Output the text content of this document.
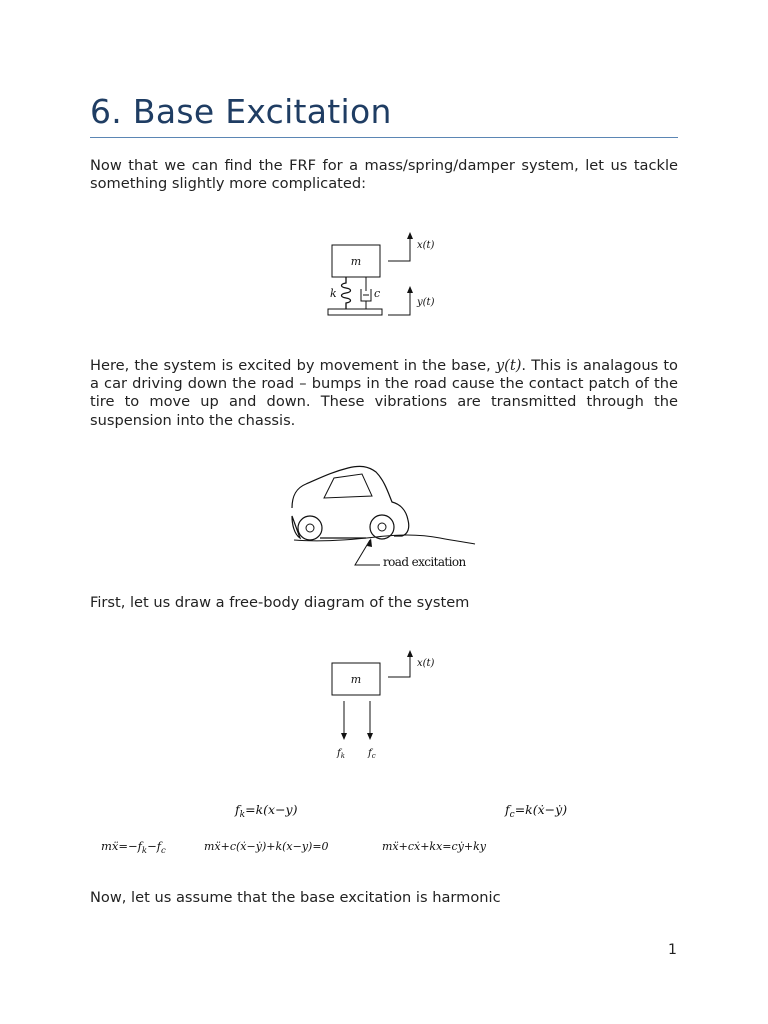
6. Base Excitation

Now that we can find the FRF for a mass/spring/damper system, let us tackle something slightly more complicated:

m
k	c
x(t)
y(t)

Here, the system is excited by movement in the base, y(t). This is analagous to a car driving down the road – bumps in the road cause the contact patch of the tire to move up and down. These vibrations are transmitted through the suspension into the chassis.

road excitation

First, let us draw a free-body diagram of the system

m
x(t)
$f_k$ $f_c$
$f_k=k(x-y)$	$f_c=k(ẋ-ẏ)$
$mẍ=-f_k-f_c$	mẍ+c(ẋ−ẏ)+k(x−y)=0	mẍ+cẋ+kx=cẏ+ky

Now, let us assume that the base excitation is harmonic

1
